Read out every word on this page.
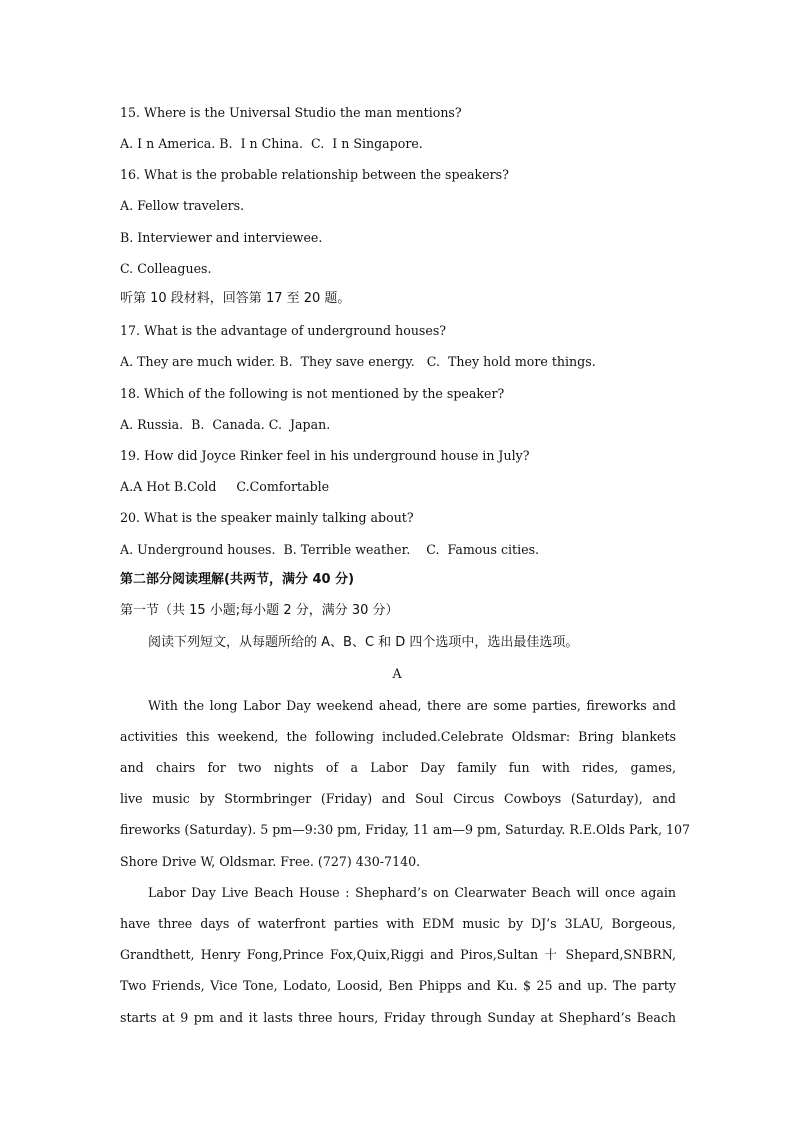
15. Where is the Universal Studio the man mentions?
A. I n America. B.  I n China.  C.  I n Singapore.
16. What is the probable relationship between the speakers?
A. Fellow travelers.
B. Interviewer and interviewee.
C. Colleagues.
听第 10 段材料，回答第 17 至 20 题。
17. What is the advantage of underground houses?
A. They are much wider. B.  They save energy.   C.  They hold more things.
18. Which of the following is not mentioned by the speaker?
A. Russia.  B.  Canada. C.  Japan.
19. How did Joyce Rinker feel in his underground house in July?
A.A Hot B.Cold     C.Comfortable
20. What is the speaker mainly talking about?
A. Underground houses.  B. Terrible weather.    C.  Famous cities.
第二部分阅读理解(共两节，满分 40 分)
第一节（共 15 小题;每小题 2 分，满分 30 分）
阅读下列短文，从每题所给的 A、B、C 和 D 四个选项中，选出最佳选项。
A
With the long Labor Day weekend ahead, there are some parties, fireworks and
activities this weekend, the following included.Celebrate Oldsmar: Bring blankets
and chairs for two nights of a Labor Day family fun with rides, games,
live music by Stormbringer (Friday) and Soul Circus Cowboys (Saturday), and
fireworks (Saturday). 5 pm—9:30 pm, Friday, 11 am—9 pm, Saturday. R.E.Olds Park, 107
Shore Drive W, Oldsmar. Free. (727) 430-7140.
Labor Day Live Beach House : Shephard’s on Clearwater Beach will once again
have three days of waterfront parties with EDM music by DJ’s 3LAU, Borgeous,
Grandthett, Henry Fong,Prince Fox,Quix,Riggi and Piros,Sultan 十 Shepard,SNBRN,
Two Friends, Vice Tone, Lodato, Loosid, Ben Phipps and Ku. $ 25 and up. The party
starts at 9 pm and it lasts three hours, Friday through Sunday at Shephard’s Beach
